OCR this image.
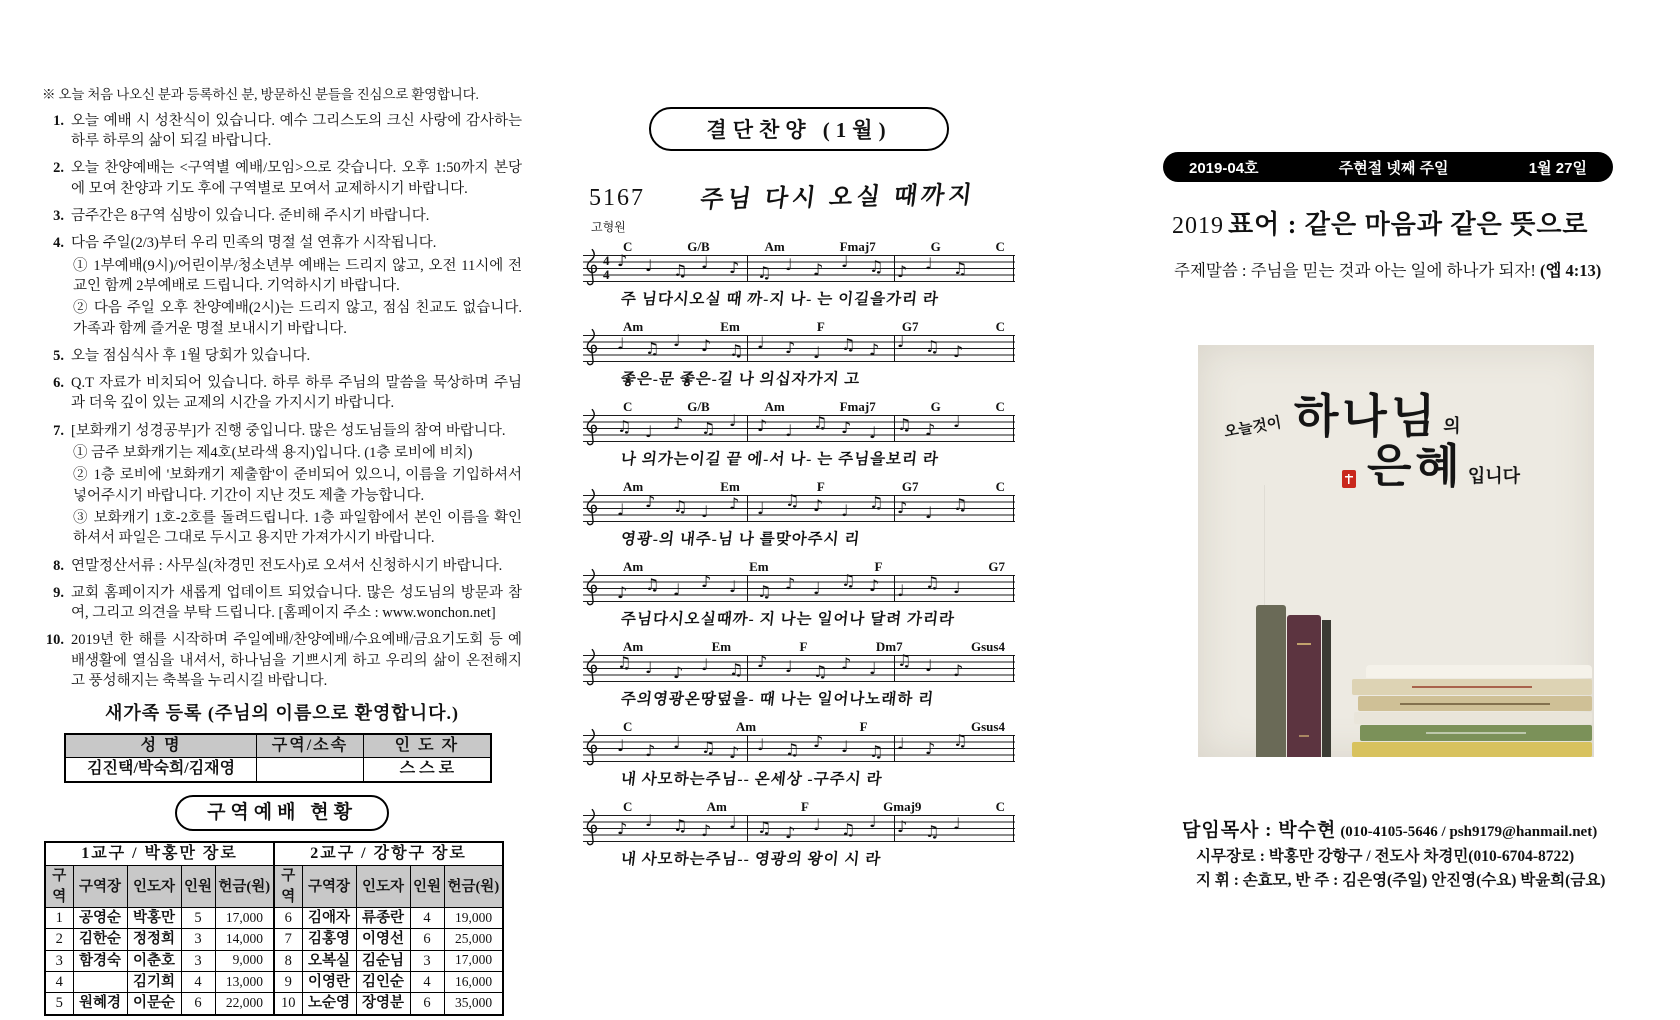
※ 오늘 처음 나오신 분과 등록하신 분, 방문하신 분들을 진심으로 환영합니다.
1. 오늘 예배 시 성찬식이 있습니다. 예수 그리스도의 크신 사랑에 감사하는 하루 하루의 삶이 되길 바랍니다.
2. 오늘 찬양예배는 <구역별 예배/모임>으로 갖습니다. 오후 1:50까지 본당에 모여 찬양과 기도 후에 구역별로 모여서 교제하시기 바랍니다.
3. 금주간은 8구역 심방이 있습니다. 준비해 주시기 바랍니다.
4. 다음 주일(2/3)부터 우리 민족의 명절 설 연휴가 시작됩니다.
① 1부예배(9시)/어린이부/청소년부 예배는 드리지 않고, 오전 11시에 전교인 함께 2부예배로 드립니다. 기억하시기 바랍니다.
② 다음 주일 오후 찬양예배(2시)는 드리지 않고, 점심 친교도 없습니다. 가족과 함께 즐거운 명절 보내시기 바랍니다.
5. 오늘 점심식사 후 1월 당회가 있습니다.
6. Q.T 자료가 비치되어 있습니다. 하루 하루 주님의 말씀을 묵상하며 주님과 더욱 깊이 있는 교제의 시간을 가지시기 바랍니다.
7. [보화캐기 성경공부]가 진행 중입니다. 많은 성도님들의 참여 바랍니다.
① 금주 보화캐기는 제4호(보라색 용지)입니다. (1층 로비에 비치)
② 1층 로비에 '보화캐기 제출함'이 준비되어 있으니, 이름을 기입하셔서 넣어주시기 바랍니다. 기간이 지난 것도 제출 가능합니다.
③ 보화캐기 1호-2호를 돌려드립니다. 1층 파일함에서 본인 이름을 확인하셔서 파일은 그대로 두시고 용지만 가져가시기 바랍니다.
8. 연말정산서류 : 사무실(차경민 전도사)로 오셔서 신청하시기 바랍니다.
9. 교회 홈페이지가 새롭게 업데이트 되었습니다. 많은 성도님의 방문과 참여, 그리고 의견을 부탁 드립니다. [홈페이지 주소 : www.wonchon.net]
10. 2019년 한 해를 시작하며 주일예배/찬양예배/수요예배/금요기도회 등 예배생활에 열심을 내셔서, 하나님을 기쁘시게 하고 우리의 삶이 온전해지고 풍성해지는 축복을 누리시길 바랍니다.
새가족 등록 (주님의 이름으로 환영합니다.)
성 명	구역/소속	인 도 자
김진택/박숙희/김재영		스 스 로
구역예배 현황
1교구 / 박홍만 장로					2교구 / 강항구 장로				
구역	구역장	인도자	인원	헌금(원)	구역	구역장	인도자	인원	헌금(원)
1	공영순	박홍만	5	17,000	6	김애자	류종란	4	19,000
2	김한순	정정희	3	14,000	7	김홍영	이영선	6	25,000
3	함경숙	이춘호	3	9,000	8	오복실	김순님	3	17,000
4		김기희	4	13,000	9	이영란	김인순	4	16,000
5	원혜경	이문순	6	22,000	10	노순영	장영분	6	35,000
결단찬양 (1월)
5167 주님 다시 오실 때까지
고형원
C	G/B	Am	Fmaj7	G	C
4
4
♪ ♩ ♫ ♩ ♪ ♫ ♩ ♪ ♩ ♫ ♪ ♩ ♫
주 님다시오실 때 까-지 나- 는 이길을가리 라
Am	Em	F	G7	C
♩ ♫ ♩ ♪ ♫ ♩ ♪ ♩ ♫ ♪ ♩ ♫ ♪
좋은-문 좋은-길 나 의십자가지 고
C	G/B	Am	Fmaj7	G	C
♫ ♩ ♪ ♫ ♩ ♪ ♩ ♫ ♪ ♩ ♫ ♪ ♩
나 의가는이길 끝 에-서 나- 는 주님을보리 라
Am	Em	F	G7	C
♩ ♪ ♫ ♩ ♪ ♩ ♫ ♪ ♩ ♫ ♪ ♩ ♫
영광-의 내주-님 나 를맞아주시 리
Am	Em	F	G7
♪ ♫ ♩ ♪ ♩ ♫ ♪ ♩ ♫ ♪ ♩ ♫ ♩
주님다시오실때까- 지 나는 일어나 달려 가리라
Am	Em	F	Dm7	Gsus4
♫ ♩ ♪ ♩ ♫ ♪ ♩ ♫ ♪ ♩ ♫ ♩ ♪
주의영광온땅덮을- 때 나는 일어나노래하 리
C	Am	F	Gsus4
♩ ♪ ♩ ♫ ♪ ♩ ♫ ♪ ♩ ♫ ♩ ♪ ♫
내 사모하는주님-- 온세상 -구주시 라
C	Am	F	Gmaj9	C
♪ ♩ ♫ ♪ ♩ ♫ ♪ ♩ ♫ ♩ ♪ ♫ ♩
내 사모하는주님-- 영광의 왕이 시 라
2019-04호	주현절 넷째 주일	1월 27일
2019 표어 : 같은 마음과 같은 뜻으로
주제말씀 : 주님을 믿는 것과 아는 일에 하나가 되자! (엡 4:13)
오늘것이 하나님 의
은혜 입니다
담임목사 : 박수현 (010-4105-5646 / psh9179@hanmail.net)
시무장로 : 박홍만 강항구 / 전도사 차경민(010-6704-8722)
지 휘 : 손효모, 반 주 : 김은영(주일) 안진영(수요) 박윤희(금요)
